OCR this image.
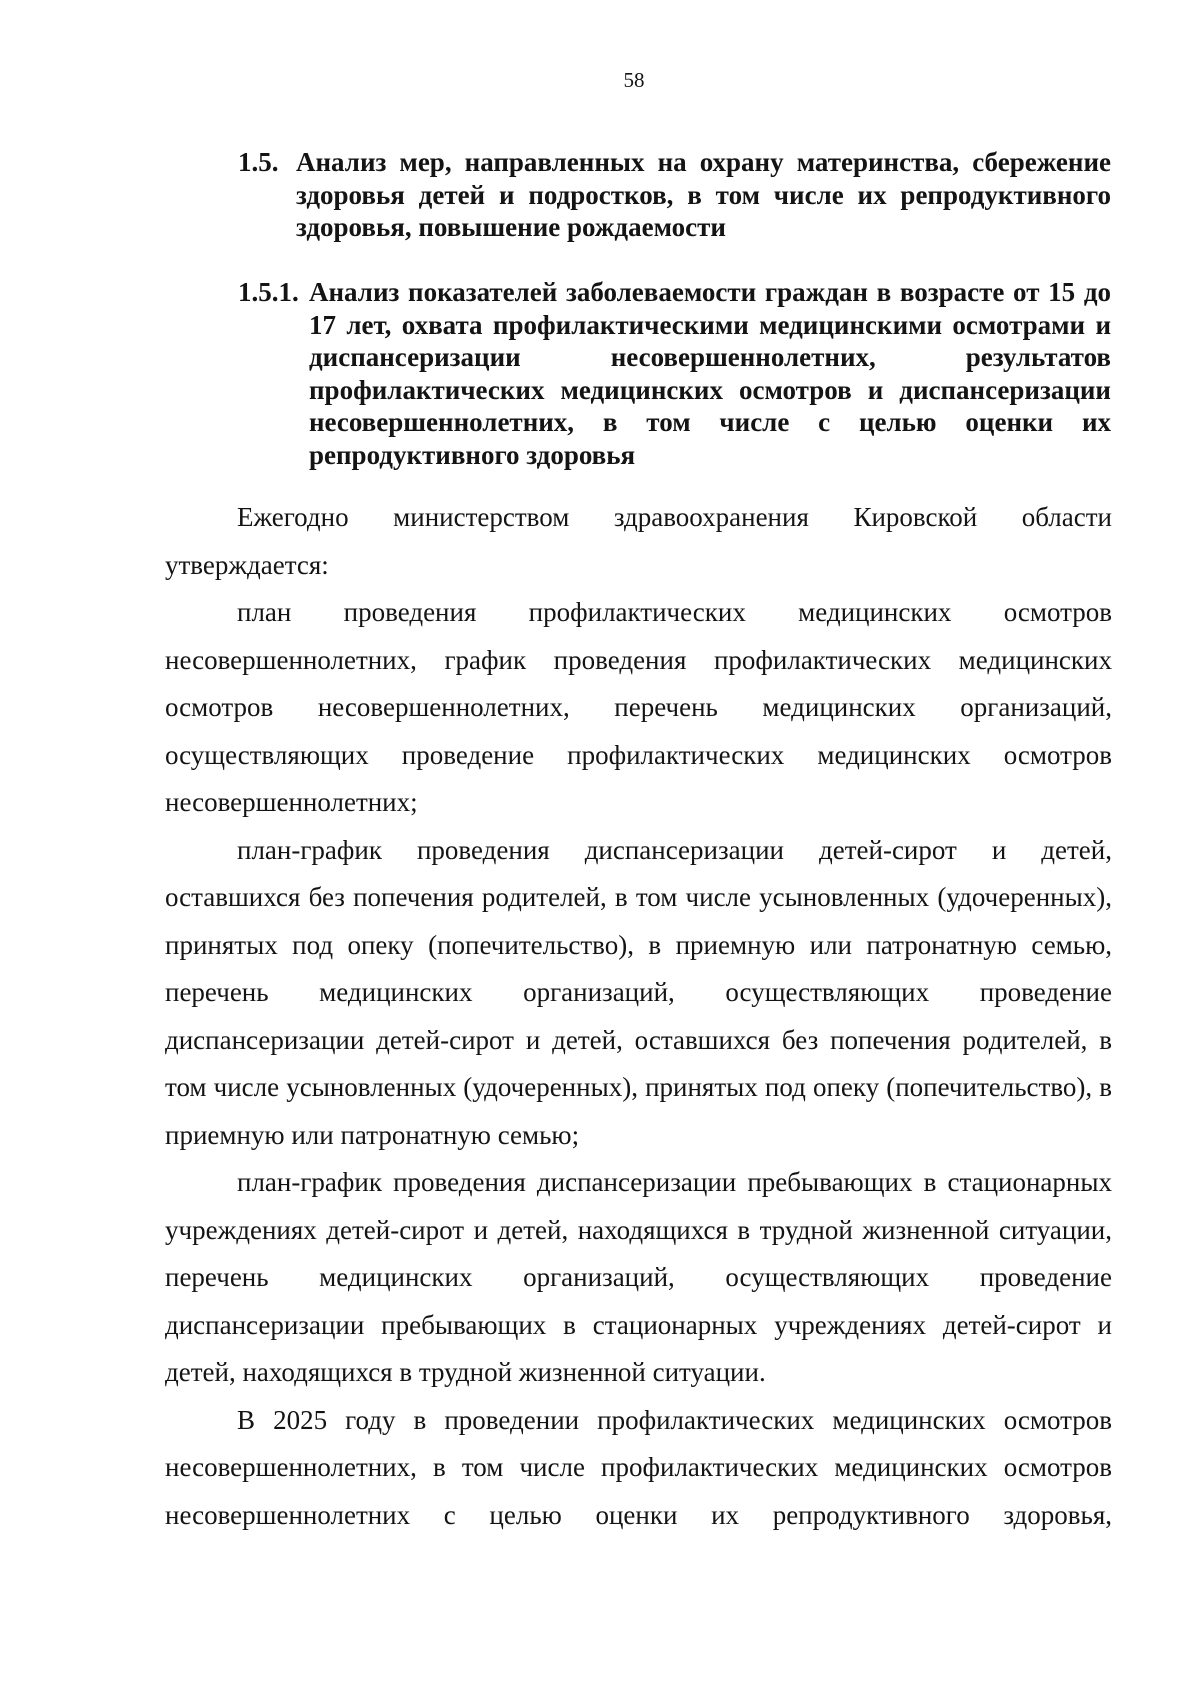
58
1.5. Анализ мер, направленных на охрану материнства, сбережение здоровья детей и подростков, в том числе их репродуктивного здоровья, повышение рождаемости
1.5.1. Анализ показателей заболеваемости граждан в возрасте от 15 до 17 лет, охвата профилактическими медицинскими осмотрами и диспансеризации несовершеннолетних, результатов профилактических медицинских осмотров и диспансеризации несовершеннолетних, в том числе с целью оценки их репродуктивного здоровья

Ежегодно министерством здравоохранения Кировской области утверждается:

план проведения профилактических медицинских осмотров несовершеннолетних, график проведения профилактических медицинских осмотров несовершеннолетних, перечень медицинских организаций, осуществляющих проведение профилактических медицинских осмотров несовершеннолетних;

план-график проведения диспансеризации детей-сирот и детей, оставшихся без попечения родителей, в том числе усыновленных (удочеренных), принятых под опеку (попечительство), в приемную или патронатную семью, перечень медицинских организаций, осуществляющих проведение диспансеризации детей-сирот и детей, оставшихся без попечения родителей, в том числе усыновленных (удочеренных), принятых под опеку (попечительство), в приемную или патронатную семью;

план-график проведения диспансеризации пребывающих в стационарных учреждениях детей-сирот и детей, находящихся в трудной жизненной ситуации, перечень медицинских организаций, осуществляющих проведение диспансеризации пребывающих в стационарных учреждениях детей-сирот и детей, находящихся в трудной жизненной ситуации.

В 2025 году в проведении профилактических медицинских осмотров несовершеннолетних, в том числе профилактических медицинских осмотров несовершеннолетних с целью оценки их репродуктивного здоровья,
